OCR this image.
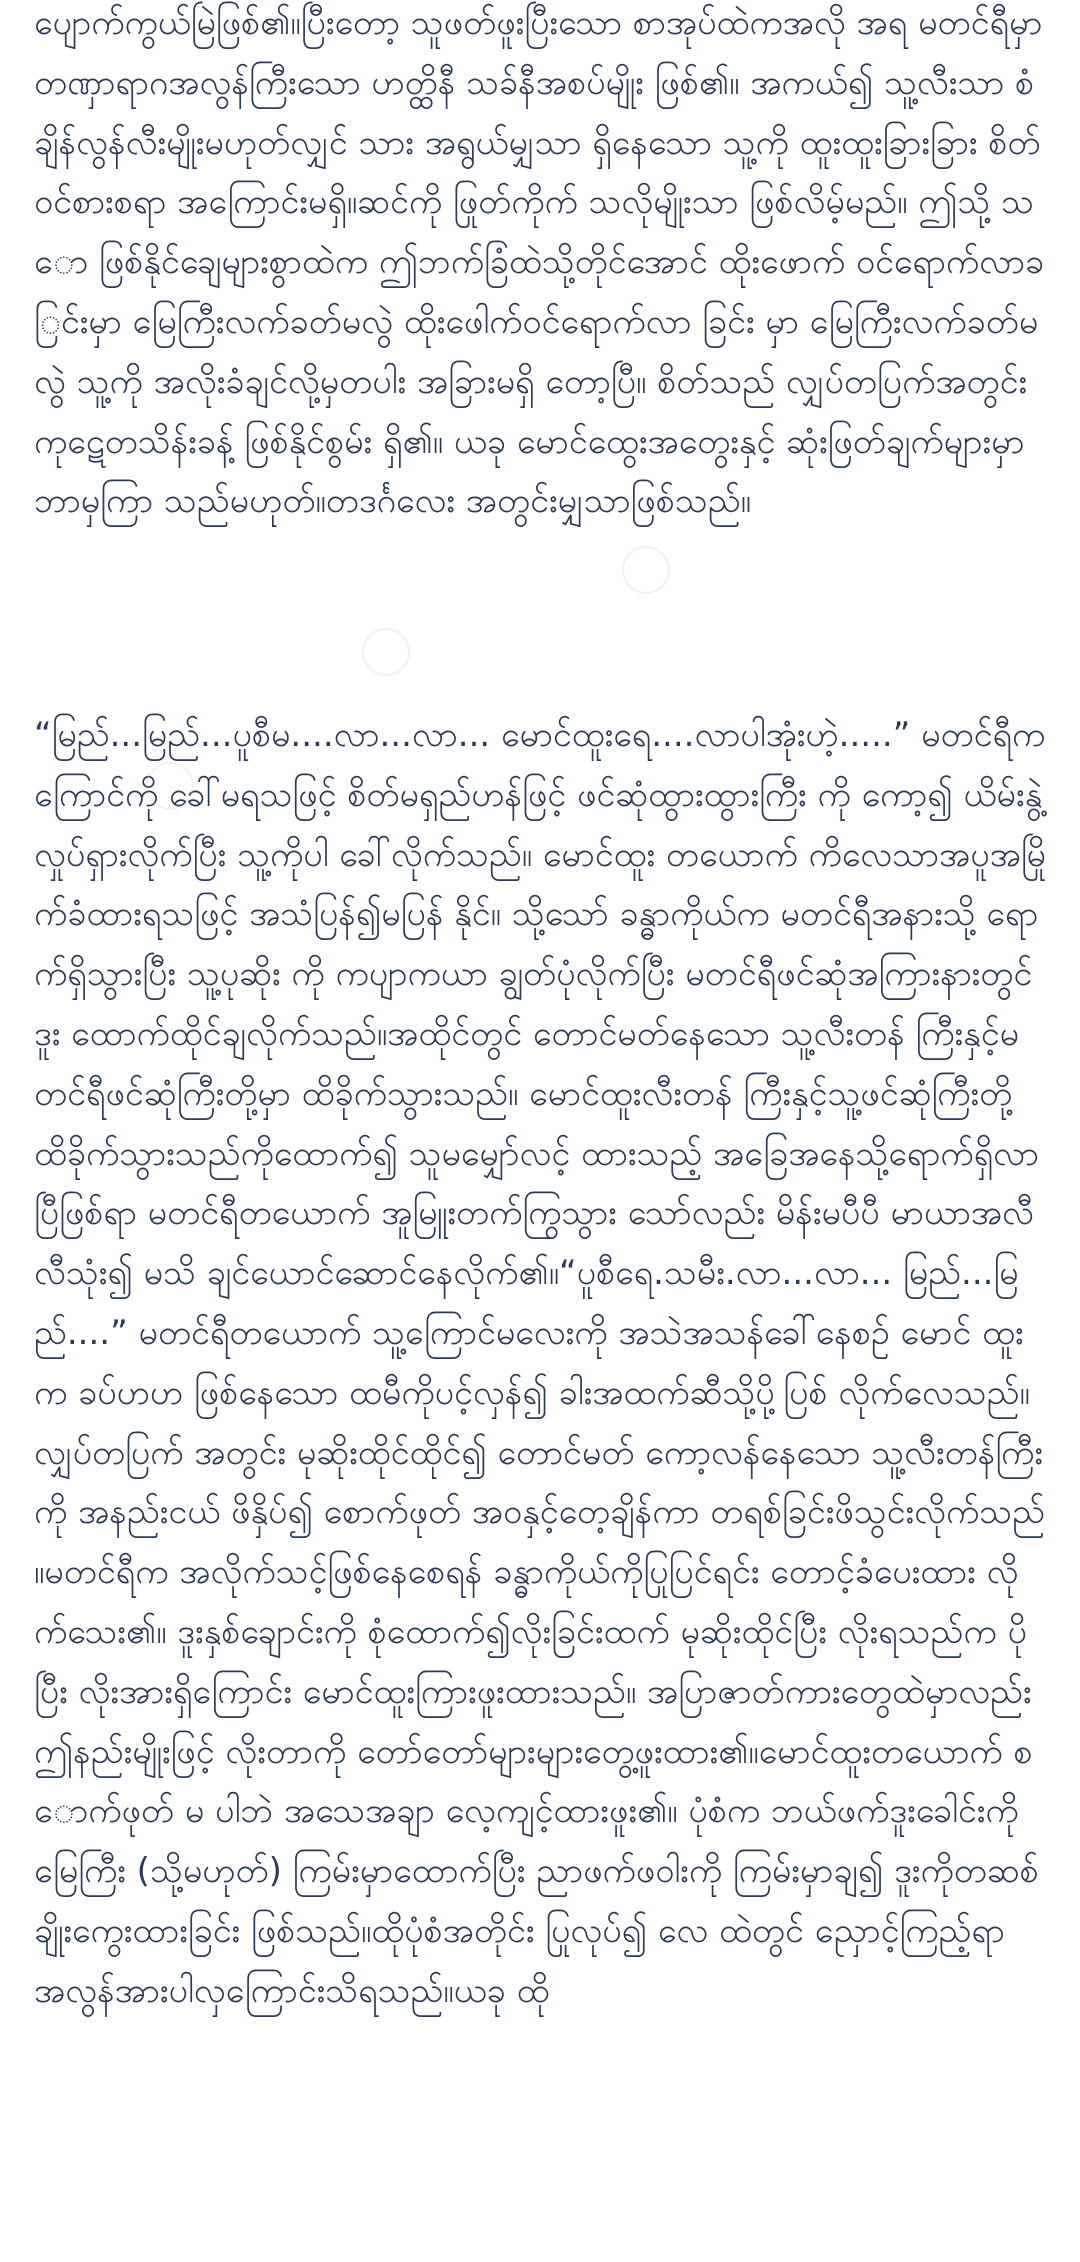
ပျောက်ကွယ်မြဲဖြစ်၏။ပြီးတော့ သူဖတ်ဖူးပြီးသော စာအုပ်ထဲကအလို အရ မတင်ရီမှာ တဏှာရာဂအလွန်ကြီးသော ဟတ္ထိနီ သခ်နီအစပ်မျိုး ဖြစ်၏။ အကယ်၍ သူ့လီးသာ စံချိန်လွန်လီးမျိုးမဟုတ်လျှင် သား အရွယ်မျှသာ ရှိနေသော သူ့ကို ထူးထူးခြားခြား စိတ်ဝင်စားစရာ အကြောင်းမရှိ။ဆင်ကို ဖြုတ်ကိုက် သလိုမျိုးသာ ဖြစ်လိမ့်မည်။ ဤသို့ သော ဖြစ်နိုင်ချေများစွာထဲက ဤဘက်ခြံထဲသို့တိုင်အောင် ထိုးဖောက် ဝင်ရောက်လာခြင်းမှာ မြေကြီးလက်ခတ်မလွဲ ထိုးဖေါက်ဝင်ရောက်လာ ခြင်း မှာ မြေကြီးလက်ခတ်မလွဲ သူ့ကို အလိုးခံချင်လို့မှတပါး အခြားမရှိ တော့ပြီ။ စိတ်သည် လျှပ်တပြက်အတွင်း ကုဋေတသိန်းခန့် ဖြစ်နိုင်စွမ်း ရှိ၏။ ယခု မောင်ထွေးအတွေးနှင့် ဆုံးဖြတ်ချက်များမှာ ဘာမှကြာ သည်မဟုတ်။တဒင်္ဂလေး အတွင်းမျှသာဖြစ်သည်။

“မြည်...မြည်...ပူစီမ....လာ...လာ... မောင်ထူးရေ....လာပါအုံးဟဲ့.....” မတင်ရီက ကြောင်ကို ခေါ်မရသဖြင့် စိတ်မရှည်ဟန်ဖြင့် ဖင်ဆုံထွားထွားကြီး ကို ကော့၍ ယိမ်းနွဲ့လှုပ်ရှားလိုက်ပြီး သူ့ကိုပါ ခေါ်လိုက်သည်။ မောင်ထူး တယောက် ကိလေသာအပူအမြိုက်ခံထားရသဖြင့် အသံပြန်၍မပြန် နိုင်။ သို့သော် ခန္ဓာကိုယ်က မတင်ရီအနားသို့ ရောက်ရှိသွားပြီး သူ့ပုဆိုး ကို ကပျာကယာ ချွတ်ပုံလိုက်ပြီး မတင်ရီဖင်ဆုံအကြားနားတွင် ဒူး ထောက်ထိုင်ချလိုက်သည်။အထိုင်တွင် တောင်မတ်နေသော သူ့လီးတန် ကြီးနှင့်မတင်ရီဖင်ဆုံကြီးတို့မှာ ထိခိုက်သွားသည်။ မောင်ထူးလီးတန် ကြီးနှင့်သူ့ဖင်ဆုံကြီးတို့ ထိခိုက်သွားသည်ကိုထောက်၍ သူမမျှော်လင့် ထားသည့် အခြေအနေသို့ရောက်ရှိလာပြီဖြစ်ရာ မတင်ရီတယောက် အူမြူးတက်ကြွသွား သော်လည်း မိန်းမပီပီ မာယာအလီလီသုံး၍ မသိ ချင်ယောင်ဆောင်နေလိုက်၏။“ပူစီရေ.သမီး.လာ...လာ... မြည်...မြည်....” မတင်ရီတယောက် သူ့ကြောင်မလေးကို အသဲအသန်ခေါ်နေစဉ် မောင် ထူးက ခပ်ဟဟ ဖြစ်နေသော ထမီကိုပင့်လှန်၍ ခါးအထက်ဆီသို့ပို့ပြစ် လိုက်လေသည်။လျှပ်တပြက် အတွင်း မုဆိုးထိုင်ထိုင်၍ တောင်မတ် ကော့လန်နေသော သူ့လီးတန်ကြီးကို အနည်းငယ် ဖိနှိပ်၍ စောက်ဖုတ် အဝနှင့်တေ့ချိန်ကာ တရစ်ခြင်းဖိသွင်းလိုက်သည်။မတင်ရီက အလိုက်သင့်ဖြစ်နေစေရန် ခန္ဓာကိုယ်ကိုပြုပြင်ရင်း တောင့်ခံပေးထား လိုက်သေး၏။ ဒူးနှစ်ချောင်းကို စုံထောက်၍လိုးခြင်းထက် မုဆိုးထိုင်ပြီး လိုးရသည်က ပိုပြီး လိုးအားရှိကြောင်း မောင်ထူးကြားဖူးထားသည်။ အပြာဇာတ်ကားတွေထဲမှာလည်း ဤနည်းမျိုးဖြင့် လိုးတာကို တော်တော်များများတွေ့ဖူးထား၏။မောင်ထူးတယောက် စောက်ဖုတ် မ ပါဘဲ အသေအချာ လေ့ကျင့်ထားဖူး၏။ ပုံစံက ဘယ်ဖက်ဒူးခေါင်းကို မြေကြီး (သို့မဟုတ်) ကြမ်းမှာထောက်ပြီး ညာဖက်ဖဝါးကို ကြမ်းမှာချ၍ ဒူးကိုတဆစ်ချိုးကွေးထားခြင်း ဖြစ်သည်။ထိုပုံစံအတိုင်း ပြုလုပ်၍ လေ ထဲတွင် ညှောင့်ကြည့်ရာ အလွန်အားပါလှကြောင်းသိရသည်။ယခု ထို
